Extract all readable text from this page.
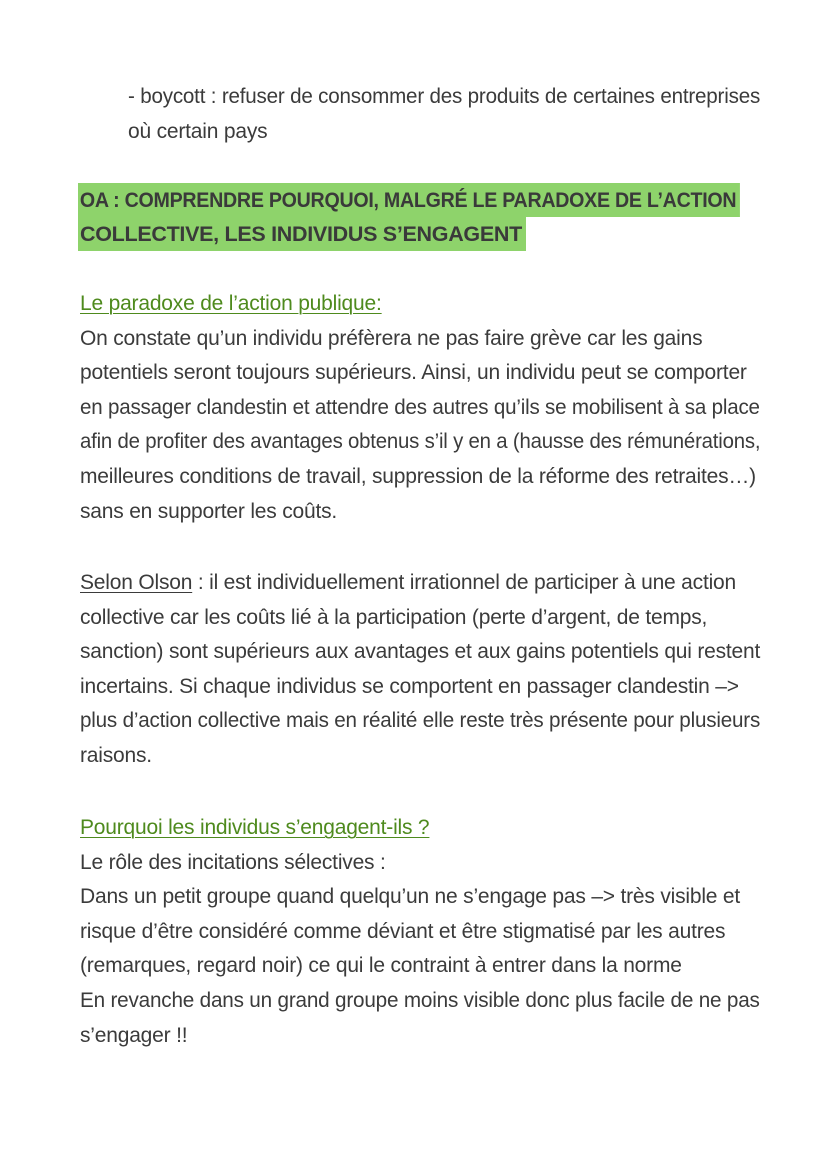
- boycott : refuser de consommer des produits de certaines entreprises
où certain pays
OA : COMPRENDRE POURQUOI, MALGRÉ LE PARADOXE DE L’ACTION
COLLECTIVE, LES INDIVIDUS S’ENGAGENT
Le paradoxe de l’action publique:
On constate qu’un individu préfèrera ne pas faire grève car les gains
potentiels seront toujours supérieurs. Ainsi, un individu peut se comporter
en passager clandestin et attendre des autres qu’ils se mobilisent à sa place
afin de profiter des avantages obtenus s’il y en a (hausse des rémunérations,
meilleures conditions de travail, suppression de la réforme des retraites…)
sans en supporter les coûts.
Selon Olson : il est individuellement irrationnel de participer à une action
collective car les coûts lié à la participation (perte d’argent, de temps,
sanction) sont supérieurs aux avantages et aux gains potentiels qui restent
incertains. Si chaque individus se comportent en passager clandestin –>
plus d’action collective mais en réalité elle reste très présente pour plusieurs
raisons.
Pourquoi les individus s’engagent-ils ?
Le rôle des incitations sélectives :
Dans un petit groupe quand quelqu’un ne s’engage pas –> très visible et
risque d’être considéré comme déviant et être stigmatisé par les autres
(remarques, regard noir) ce qui le contraint à entrer dans la norme
En revanche dans un grand groupe moins visible donc plus facile de ne pas
s’engager !!
